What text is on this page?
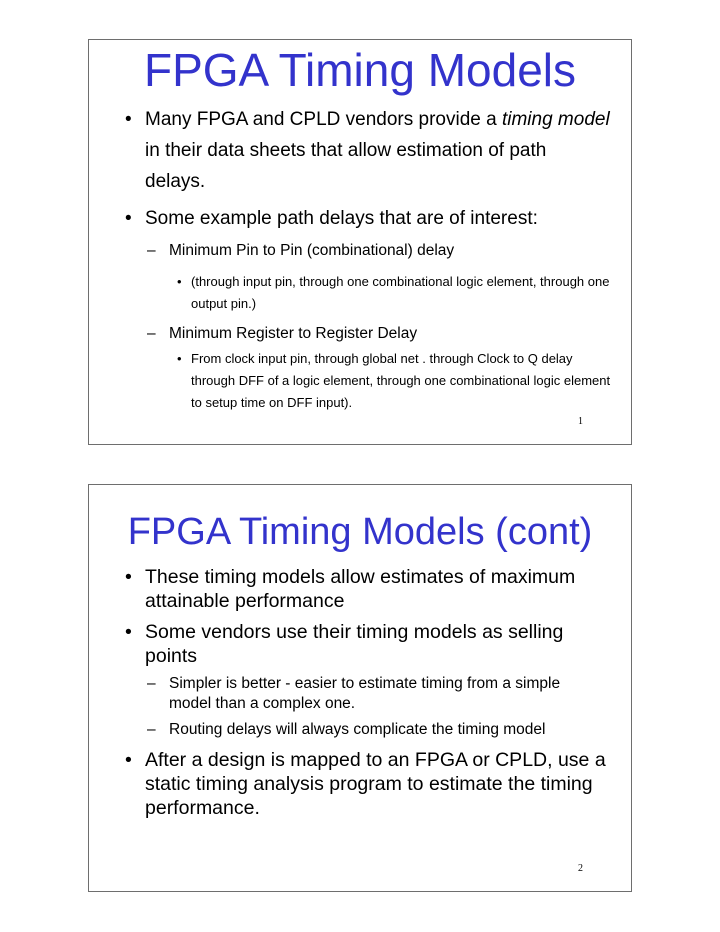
FPGA Timing Models
• Many FPGA and CPLD vendors provide a timing model in their data sheets that allow estimation of path delays.
• Some example path delays that are of interest:
– Minimum Pin to Pin (combinational) delay
• (through input pin, through one combinational logic element, through one output pin.)
– Minimum Register to Register Delay
• From clock input pin, through global net . through Clock to Q delay through DFF of a logic element, through one combinational logic element to setup time on DFF input).
1
FPGA Timing Models (cont)
• These timing models allow estimates of maximum attainable performance
• Some vendors use their timing models as selling points
– Simpler is better - easier to estimate timing from a simple model than a complex one.
– Routing delays will always complicate the timing model
• After a design is mapped to an FPGA or CPLD, use a static timing analysis program to estimate the timing performance.
2
